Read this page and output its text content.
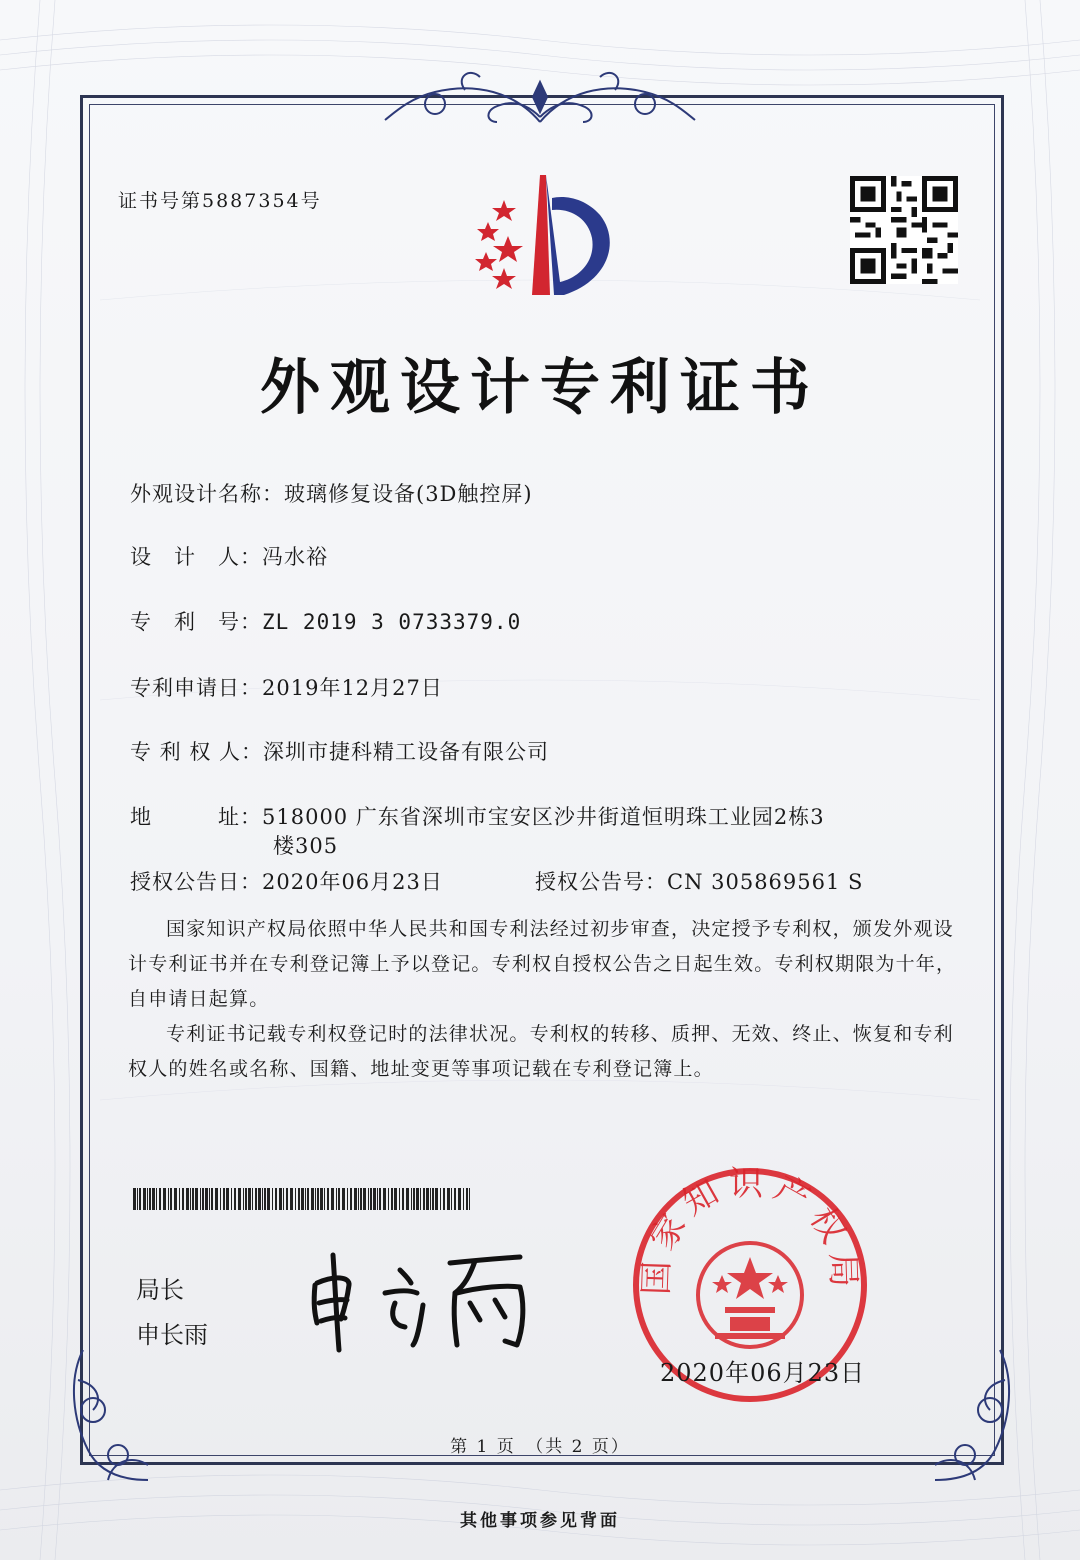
证书号第5887354号
外观设计专利证书
外观设计名称：玻璃修复设备(3D触控屏)
设　计　人：冯水裕
专　利　号：ZL 2019 3 0733379.0
专利申请日：2019年12月27日
专 利 权 人：深圳市捷科精工设备有限公司
地　　　址：518000 广东省深圳市宝安区沙井街道恒明珠工业园2栋3
楼305
授权公告日：2020年06月23日	授权公告号：CN 305869561 S

国家知识产权局依照中华人民共和国专利法经过初步审查，决定授予专利权，颁发外观设计专利证书并在专利登记簿上予以登记。专利权自授权公告之日起生效。专利权期限为十年，自申请日起算。

专利证书记载专利权登记时的法律状况。专利权的转移、质押、无效、终止、恢复和专利权人的姓名或名称、国籍、地址变更等事项记载在专利登记簿上。

局长
申长雨
国家知识产权局
2020年06月23日
第 1 页　（共 2 页）
其他事项参见背面
